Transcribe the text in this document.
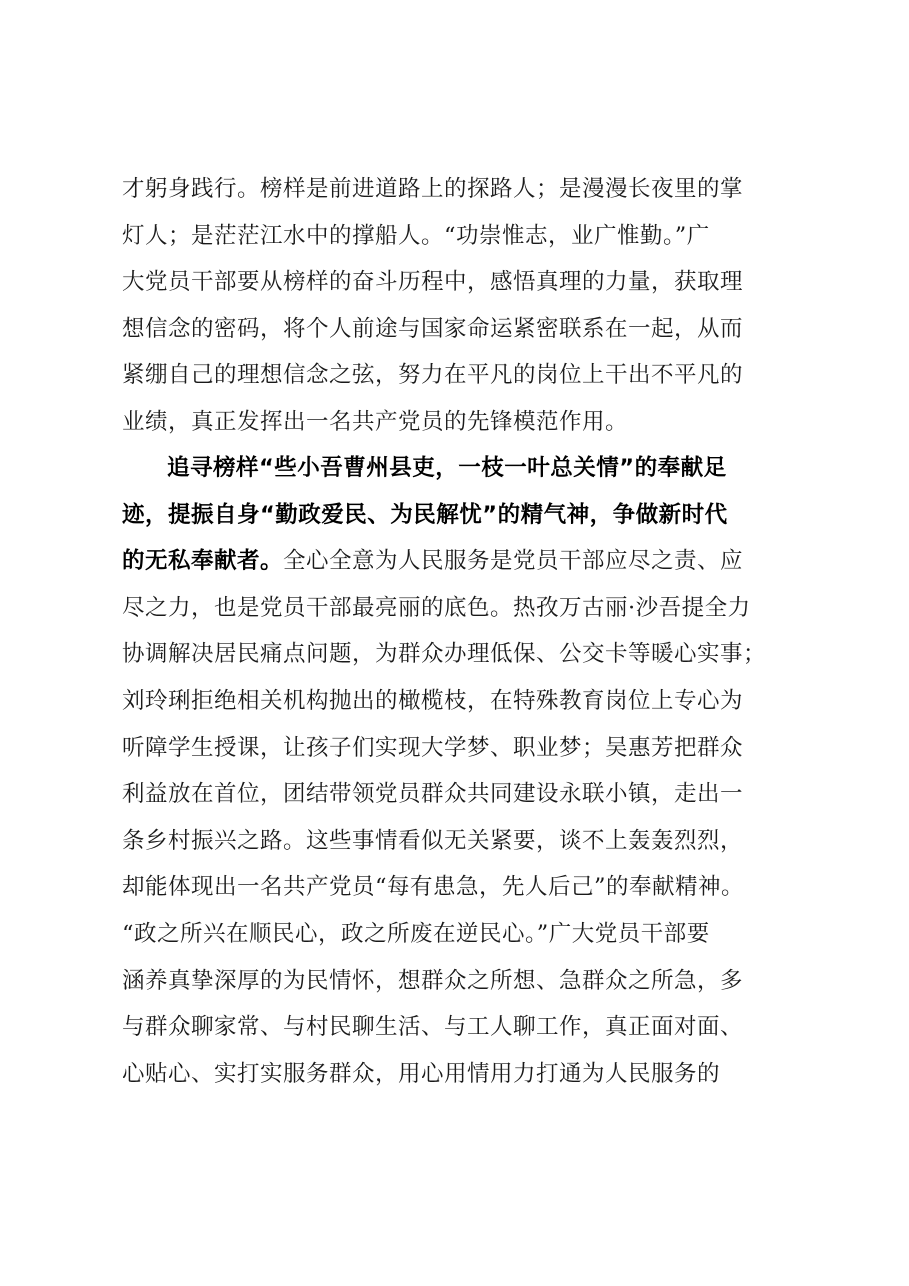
才躬身践行。榜样是前进道路上的探路人；是漫漫长夜里的掌
灯人；是茫茫江水中的撑船人。“功崇惟志，业广惟勤。”广
大党员干部要从榜样的奋斗历程中，感悟真理的力量，获取理
想信念的密码，将个人前途与国家命运紧密联系在一起，从而
紧绷自己的理想信念之弦，努力在平凡的岗位上干出不平凡的
业绩，真正发挥出一名共产党员的先锋模范作用。
追寻榜样“些小吾曹州县吏，一枝一叶总关情”的奉献足
迹，提振自身“勤政爱民、为民解忧”的精气神，争做新时代
的无私奉献者。全心全意为人民服务是党员干部应尽之责、应
尽之力，也是党员干部最亮丽的底色。热孜万古丽·沙吾提全力
协调解决居民痛点问题，为群众办理低保、公交卡等暖心实事；
刘玲琍拒绝相关机构抛出的橄榄枝，在特殊教育岗位上专心为
听障学生授课，让孩子们实现大学梦、职业梦；吴惠芳把群众
利益放在首位，团结带领党员群众共同建设永联小镇，走出一
条乡村振兴之路。这些事情看似无关紧要，谈不上轰轰烈烈，
却能体现出一名共产党员“每有患急，先人后己”的奉献精神。
“政之所兴在顺民心，政之所废在逆民心。”广大党员干部要
涵养真挚深厚的为民情怀，想群众之所想、急群众之所急，多
与群众聊家常、与村民聊生活、与工人聊工作，真正面对面、
心贴心、实打实服务群众，用心用情用力打通为人民服务的
